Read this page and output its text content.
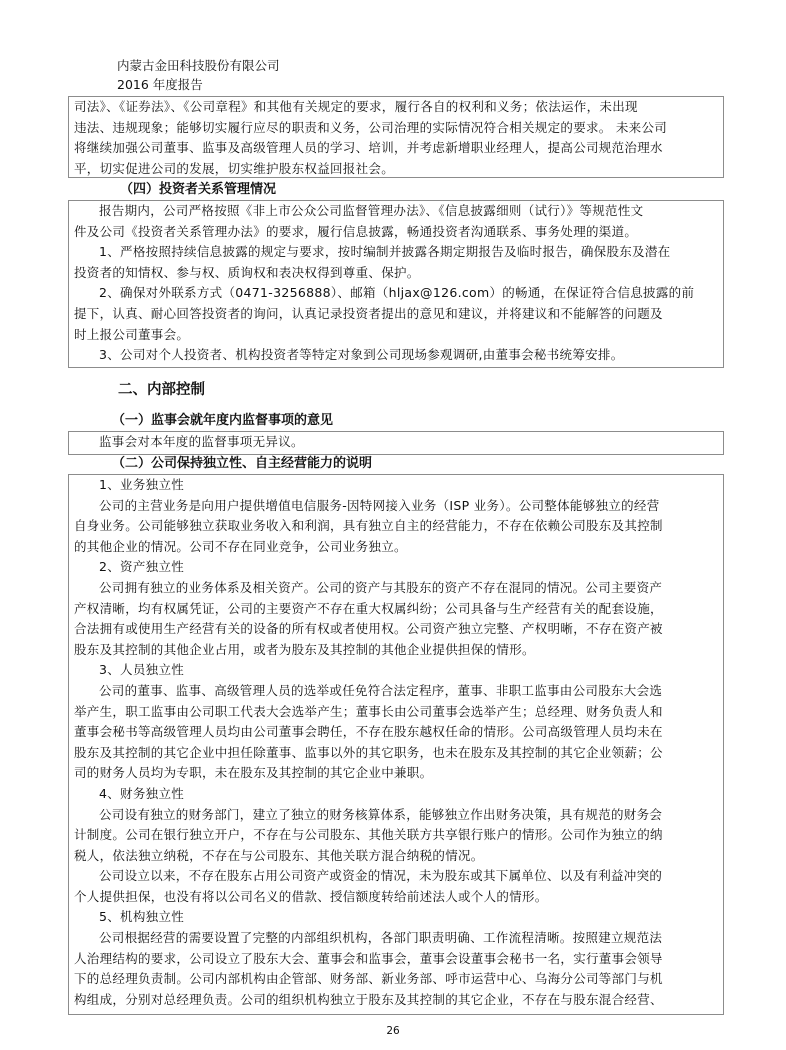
内蒙古金田科技股份有限公司
2016 年度报告

司法》、《证券法》、《公司章程》和其他有关规定的要求，履行各自的权利和义务；依法运作，未出现

违法、违规现象；能够切实履行应尽的职责和义务，公司治理的实际情况符合相关规定的要求。 未来公司

将继续加强公司董事、监事及高级管理人员的学习、培训，并考虑新增职业经理人，提高公司规范治理水

平，切实促进公司的发展，切实维护股东权益回报社会。

（四）投资者关系管理情况

报告期内，公司严格按照《非上市公众公司监督管理办法》、《信息披露细则（试行）》等规范性文

件及公司《投资者关系管理办法》的要求，履行信息披露，畅通投资者沟通联系、事务处理的渠道。

1、严格按照持续信息披露的规定与要求，按时编制并披露各期定期报告及临时报告，确保股东及潜在

投资者的知情权、参与权、质询权和表决权得到尊重、保护。

2、确保对外联系方式（0471-3256888）、邮箱（hljax@126.com）的畅通，在保证符合信息披露的前

提下，认真、耐心回答投资者的询问，认真记录投资者提出的意见和建议，并将建议和不能解答的问题及

时上报公司董事会。

3、公司对个人投资者、机构投资者等特定对象到公司现场参观调研,由董事会秘书统筹安排。

二、内部控制
（一）监事会就年度内监督事项的意见

监事会对本年度的监督事项无异议。

（二）公司保持独立性、自主经营能力的说明

1、业务独立性

公司的主营业务是向用户提供增值电信服务-因特网接入业务（ISP 业务）。公司整体能够独立的经营

自身业务。公司能够独立获取业务收入和利润，具有独立自主的经营能力，不存在依赖公司股东及其控制

的其他企业的情况。公司不存在同业竞争，公司业务独立。

2、资产独立性

公司拥有独立的业务体系及相关资产。公司的资产与其股东的资产不存在混同的情况。公司主要资产

产权清晰，均有权属凭证，公司的主要资产不存在重大权属纠纷；公司具备与生产经营有关的配套设施，

合法拥有或使用生产经营有关的设备的所有权或者使用权。公司资产独立完整、产权明晰，不存在资产被

股东及其控制的其他企业占用，或者为股东及其控制的其他企业提供担保的情形。

3、人员独立性

公司的董事、监事、高级管理人员的选举或任免符合法定程序，董事、非职工监事由公司股东大会选

举产生，职工监事由公司职工代表大会选举产生；董事长由公司董事会选举产生；总经理、财务负责人和

董事会秘书等高级管理人员均由公司董事会聘任，不存在股东越权任命的情形。公司高级管理人员均未在

股东及其控制的其它企业中担任除董事、监事以外的其它职务，也未在股东及其控制的其它企业领薪；公

司的财务人员均为专职，未在股东及其控制的其它企业中兼职。

4、财务独立性

公司设有独立的财务部门，建立了独立的财务核算体系，能够独立作出财务决策，具有规范的财务会

计制度。公司在银行独立开户，不存在与公司股东、其他关联方共享银行账户的情形。公司作为独立的纳

税人，依法独立纳税，不存在与公司股东、其他关联方混合纳税的情况。

公司设立以来，不存在股东占用公司资产或资金的情况，未为股东或其下属单位、以及有利益冲突的

个人提供担保，也没有将以公司名义的借款、授信额度转给前述法人或个人的情形。

5、机构独立性

公司根据经营的需要设置了完整的内部组织机构，各部门职责明确、工作流程清晰。按照建立规范法

人治理结构的要求，公司设立了股东大会、董事会和监事会，董事会设董事会秘书一名，实行董事会领导

下的总经理负责制。公司内部机构由企管部、财务部、新业务部、呼市运营中心、乌海分公司等部门与机

构组成，分别对总经理负责。公司的组织机构独立于股东及其控制的其它企业，不存在与股东混合经营、

26
